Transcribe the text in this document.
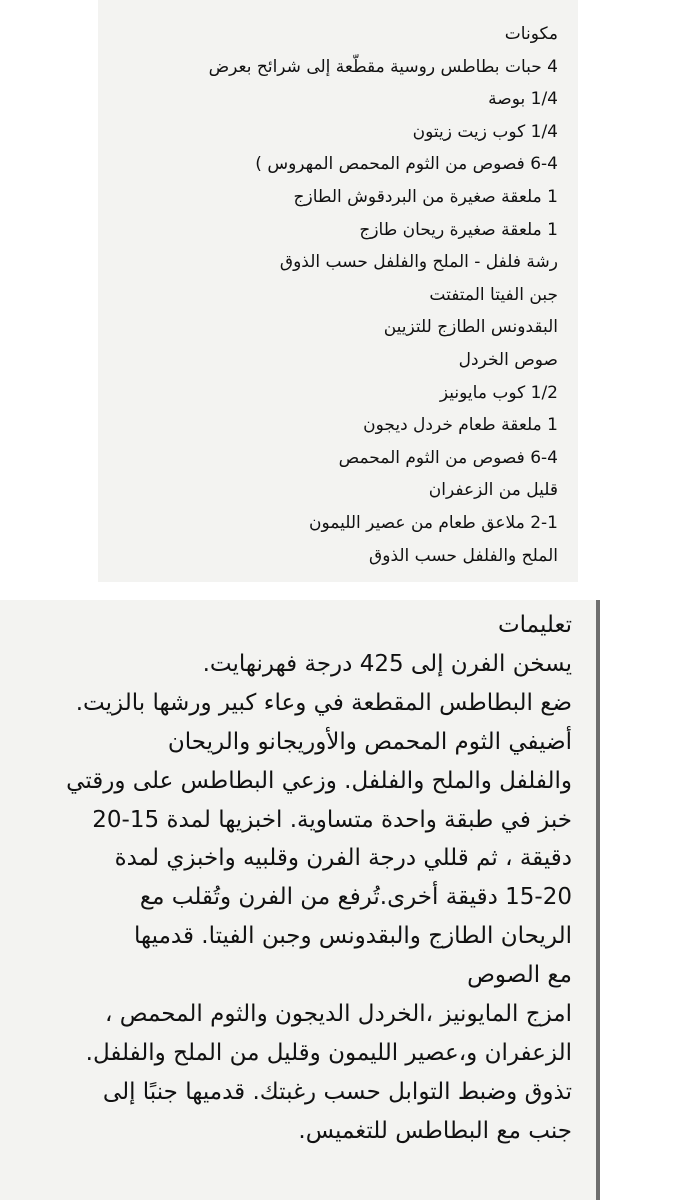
مكونات
4 حبات بطاطس روسية مقطّعة إلى شرائح بعرض
1/4 بوصة
1/4 كوب زيت زيتون
6-4 فصوص من الثوم المحمص المهروس )
1 ملعقة صغيرة من البردقوش الطازج
1 ملعقة صغيرة ريحان طازج
رشة فلفل - الملح والفلفل حسب الذوق
جبن الفيتا المتفتت
البقدونس الطازج للتزيين
صوص الخردل
1/2 كوب مايونيز
1 ملعقة طعام خردل ديجون
6-4 فصوص من الثوم المحمص
قليل من الزعفران
2-1 ملاعق طعام من عصير الليمون
الملح والفلفل حسب الذوق
تعليمات
يسخن الفرن إلى 425 درجة فهرنهايت.
ضع البطاطس المقطعة في وعاء كبير ورشها بالزيت.
أضيفي الثوم المحمص والأوريجانو والريحان
والفلفل والملح والفلفل. وزعي البطاطس على ورقتي
خبز في طبقة واحدة متساوية. اخبزيها لمدة 15-20
دقيقة ، ثم قللي درجة الفرن وقلبيه واخبزي لمدة
15-20 دقيقة أخرى.تُرفع من الفرن وتُقلب مع
الريحان الطازج والبقدونس وجبن الفيتا. قدميها
مع الصوص
امزج المايونيز ،الخردل الديجون والثوم المحمص ،
الزعفران و،عصير الليمون وقليل من الملح والفلفل.
تذوق وضبط التوابل حسب رغبتك. قدميها جنبًا إلى
جنب مع البطاطس للتغميس.
